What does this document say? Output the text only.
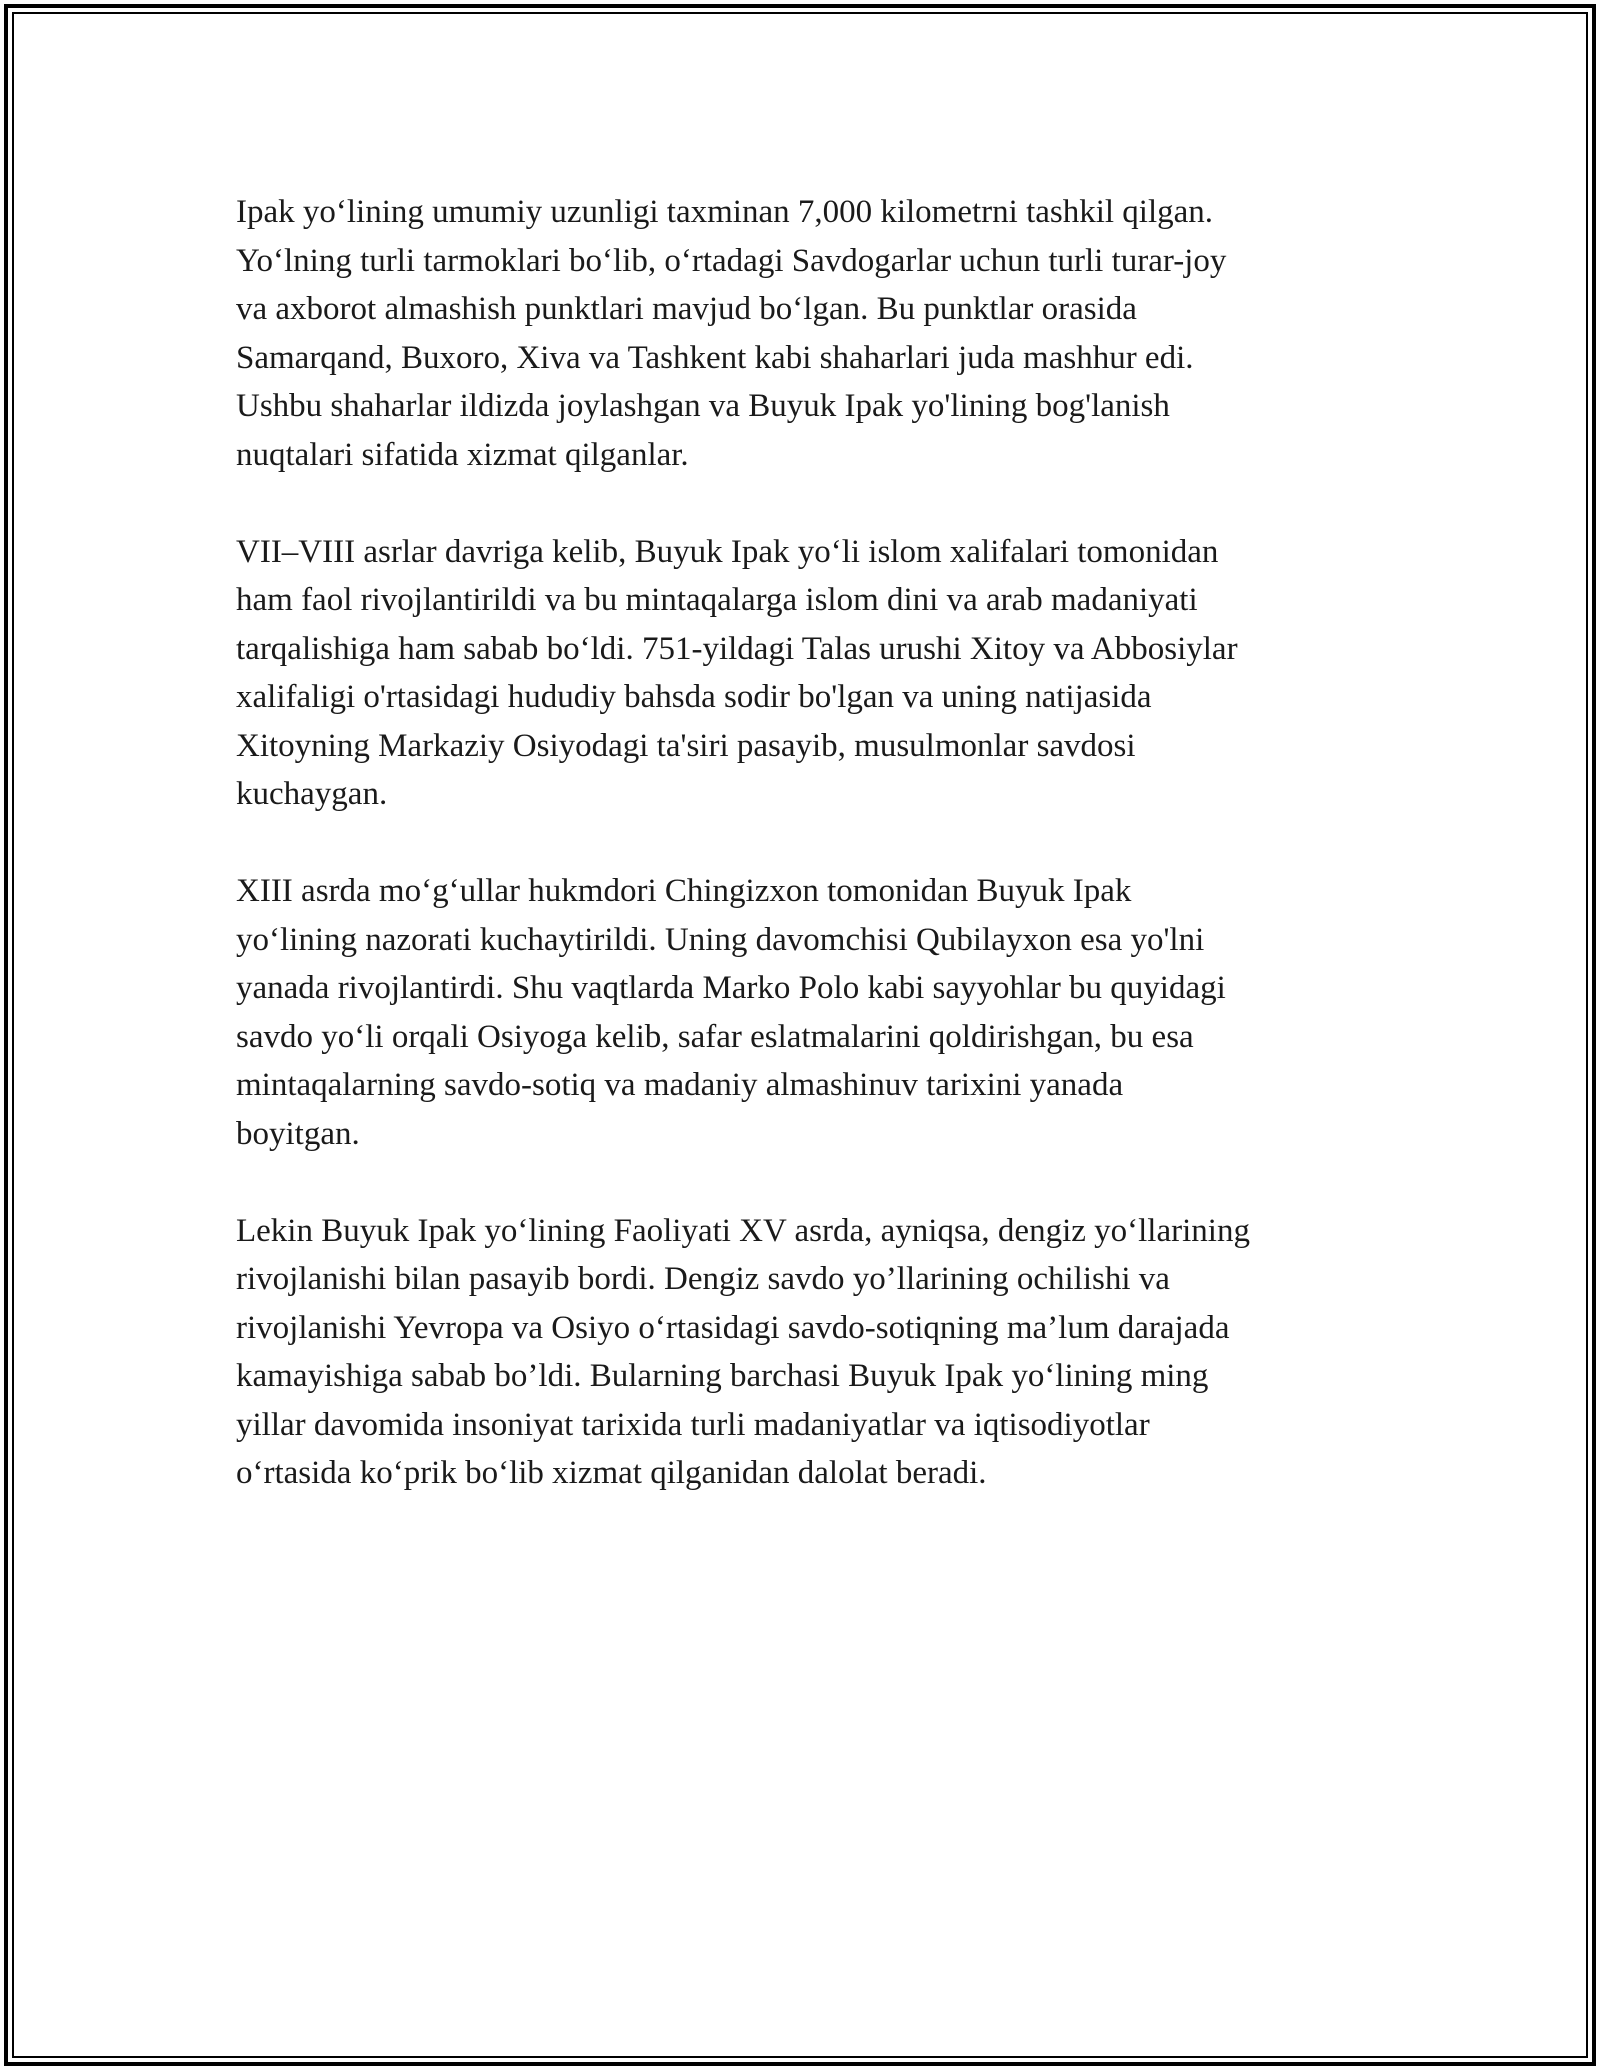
Ipak yo‘lining umumiy uzunligi taxminan 7,000 kilometrni tashkil qilgan.
Yo‘lning turli tarmoklari bo‘lib, o‘rtadagi Savdogarlar uchun turli turar-joy
va axborot almashish punktlari mavjud bo‘lgan. Bu punktlar orasida
Samarqand, Buxoro, Xiva va Tashkent kabi shaharlari juda mashhur edi.
Ushbu shaharlar ildizda joylashgan va Buyuk Ipak yo'lining bog'lanish
nuqtalari sifatida xizmat qilganlar.

VII–VIII asrlar davriga kelib, Buyuk Ipak yo‘li islom xalifalari tomonidan
ham faol rivojlantirildi va bu mintaqalarga islom dini va arab madaniyati
tarqalishiga ham sabab bo‘ldi. 751-yildagi Talas urushi Xitoy va Abbosiylar
xalifaligi o'rtasidagi hududiy bahsda sodir bo'lgan va uning natijasida
Xitoyning Markaziy Osiyodagi ta'siri pasayib, musulmonlar savdosi
kuchaygan.

XIII asrda mo‘g‘ullar hukmdori Chingizxon tomonidan Buyuk Ipak
yo‘lining nazorati kuchaytirildi. Uning davomchisi Qubilayxon esa yo'lni
yanada rivojlantirdi. Shu vaqtlarda Marko Polo kabi sayyohlar bu quyidagi
savdo yo‘li orqali Osiyoga kelib, safar eslatmalarini qoldirishgan, bu esa
mintaqalarning savdo-sotiq va madaniy almashinuv tarixini yanada
boyitgan.

Lekin Buyuk Ipak yo‘lining Faoliyati XV asrda, ayniqsa, dengiz yo‘llarining
rivojlanishi bilan pasayib bordi. Dengiz savdo yo’llarining ochilishi va
rivojlanishi Yevropa va Osiyo o‘rtasidagi savdo-sotiqning ma’lum darajada
kamayishiga sabab bo’ldi. Bularning barchasi Buyuk Ipak yo‘lining ming
yillar davomida insoniyat tarixida turli madaniyatlar va iqtisodiyotlar
o‘rtasida ko‘prik bo‘lib xizmat qilganidan dalolat beradi.
